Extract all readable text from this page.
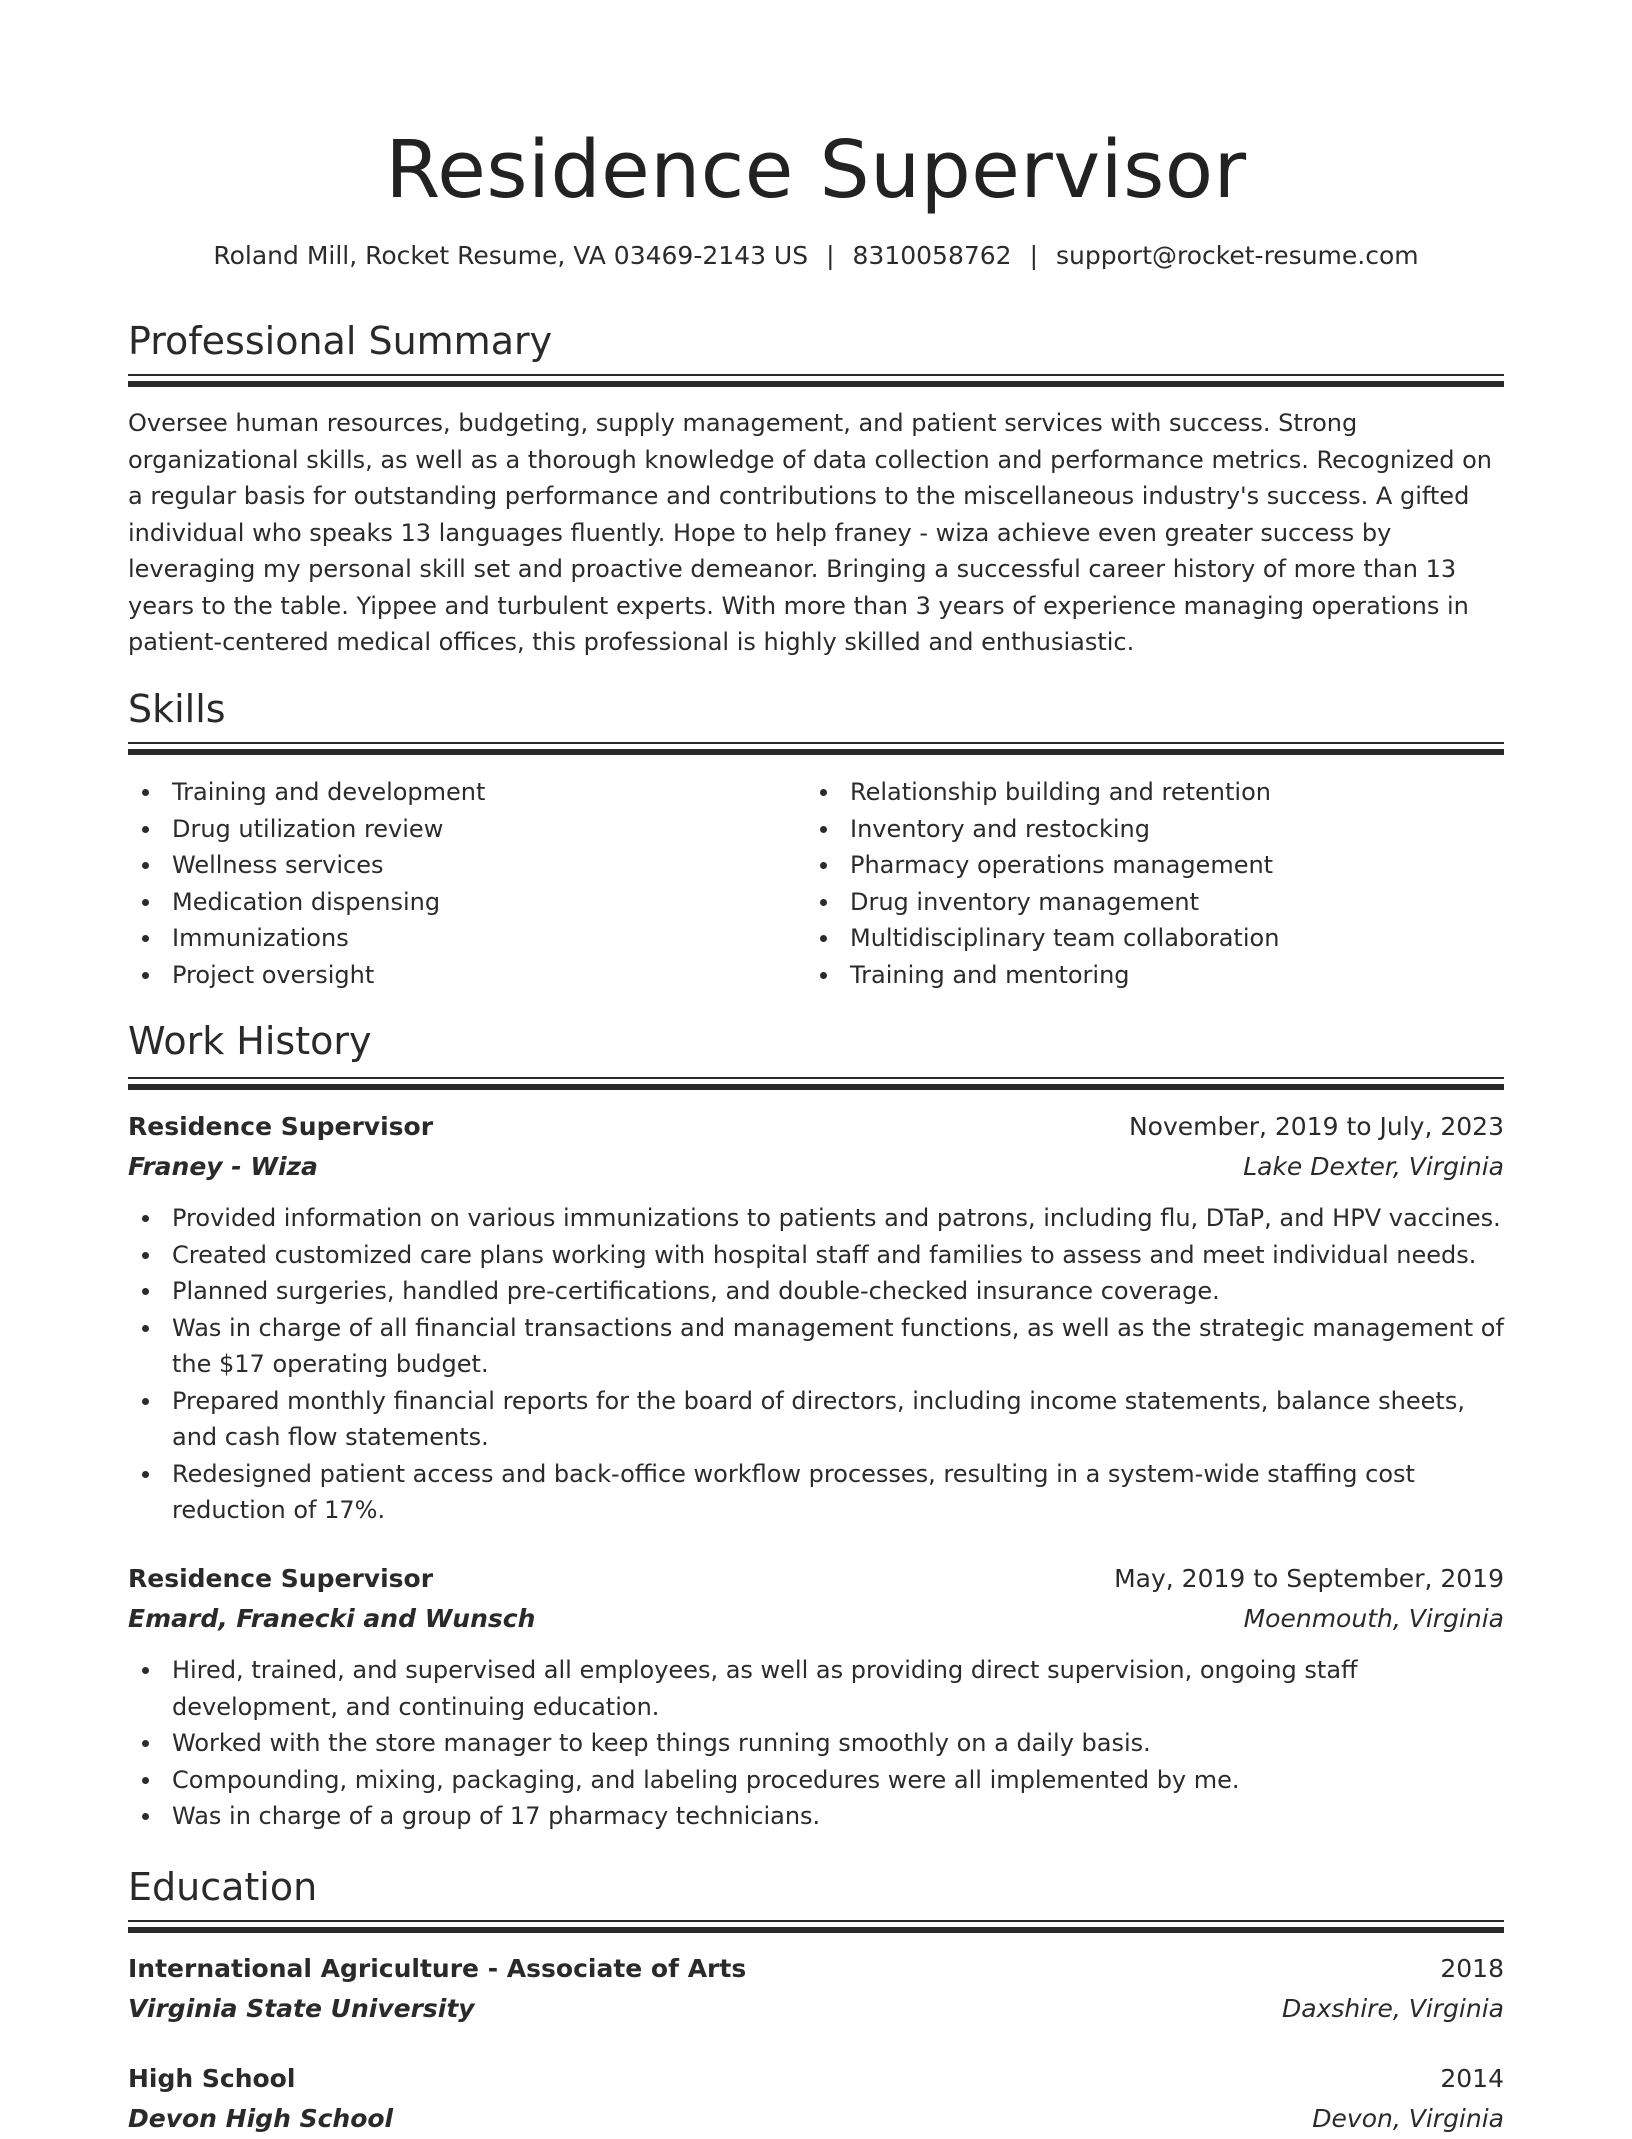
Residence Supervisor
Roland Mill, Rocket Resume, VA 03469-2143 US | 8310058762 | support@rocket-resume.com
Professional Summary

Oversee human resources, budgeting, supply management, and patient services with success. Strong organizational skills, as well as a thorough knowledge of data collection and performance metrics. Recognized on a regular basis for outstanding performance and contributions to the miscellaneous industry's success. A gifted individual who speaks 13 languages fluently. Hope to help franey - wiza achieve even greater success by leveraging my personal skill set and proactive demeanor. Bringing a successful career history of more than 13 years to the table. Yippee and turbulent experts. With more than 3 years of experience managing operations in patient-centered medical offices, this professional is highly skilled and enthusiastic.

Skills
Training and development
Drug utilization review
Wellness services
Medication dispensing
Immunizations
Project oversight
Relationship building and retention
Inventory and restocking
Pharmacy operations management
Drug inventory management
Multidisciplinary team collaboration
Training and mentoring
Work History
Residence Supervisor	November, 2019 to July, 2023
Franey - Wiza	Lake Dexter, Virginia
Provided information on various immunizations to patients and patrons, including flu, DTaP, and HPV vaccines.
Created customized care plans working with hospital staff and families to assess and meet individual needs.
Planned surgeries, handled pre-certifications, and double-checked insurance coverage.
Was in charge of all financial transactions and management functions, as well as the strategic management of the $17 operating budget.
Prepared monthly financial reports for the board of directors, including income statements, balance sheets, and cash flow statements.
Redesigned patient access and back-office workflow processes, resulting in a system-wide staffing cost reduction of 17%.
Residence Supervisor	May, 2019 to September, 2019
Emard, Franecki and Wunsch	Moenmouth, Virginia
Hired, trained, and supervised all employees, as well as providing direct supervision, ongoing staff development, and continuing education.
Worked with the store manager to keep things running smoothly on a daily basis.
Compounding, mixing, packaging, and labeling procedures were all implemented by me.
Was in charge of a group of 17 pharmacy technicians.
Education
International Agriculture - Associate of Arts	2018
Virginia State University	Daxshire, Virginia
High School	2014
Devon High School	Devon, Virginia
